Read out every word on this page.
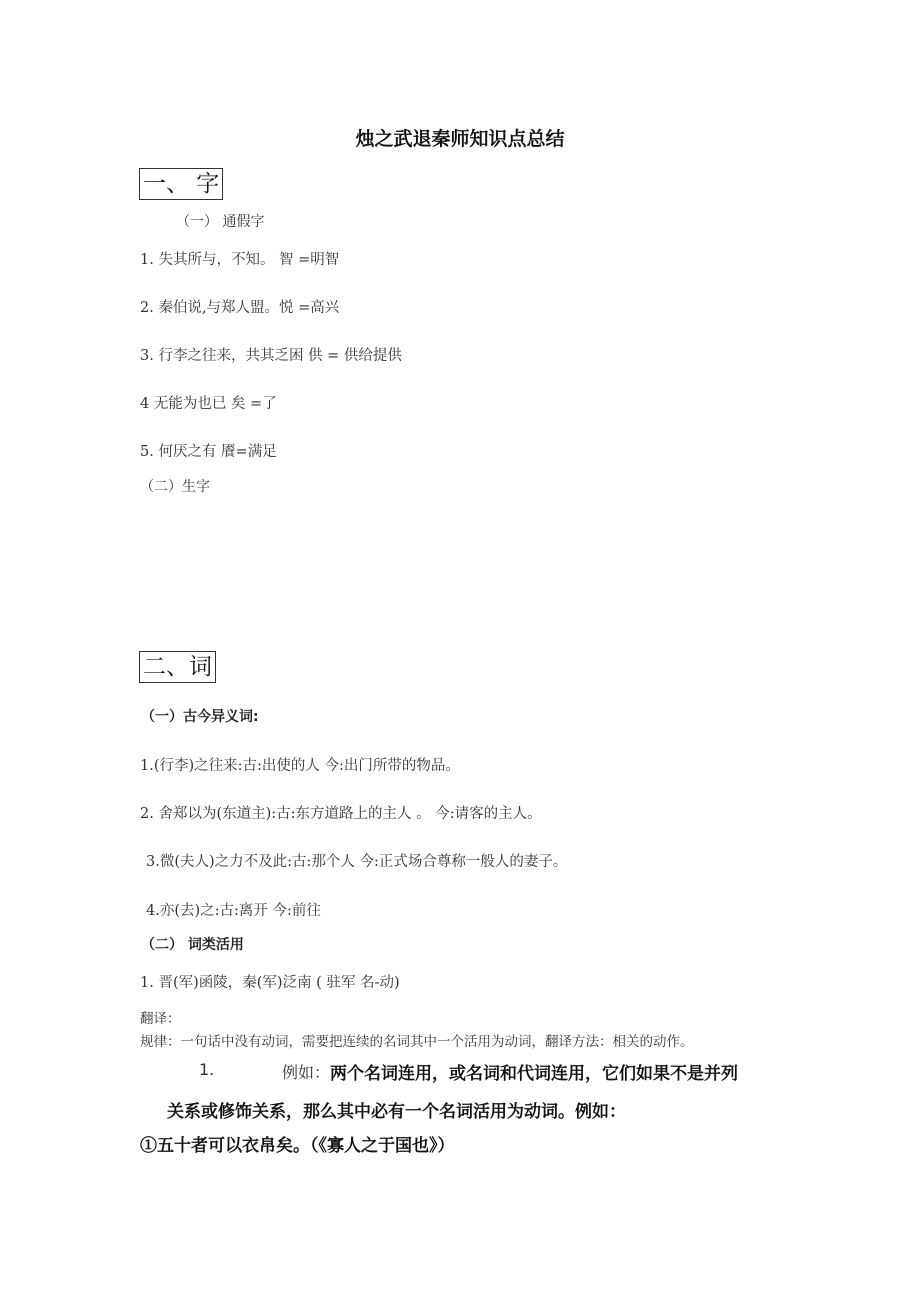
烛之武退秦师知识点总结
一、 字
（一） 通假字
1. 失其所与，不知。 智 =明智
2. 秦伯说,与郑人盟。悦 =高兴
3. 行李之往来，共其乏困 供 = 供给提供
4 无能为也已 矣 =了
5. 何厌之有 餍=满足
（二）生字
二、词
（一）古今异义词:
1.(行李)之往来:古:出使的人 今:出门所带的物品。
2. 舍郑以为(东道主):古:东方道路上的主人 。 今:请客的主人。
3.微(夫人)之力不及此:古:那个人 今:正式场合尊称一般人的妻子。
4.亦(去)之:古:离开 今:前往
（二） 词类活用
1. 晋(军)函陵，秦(军)泛南 ( 驻军 名-动)
翻译：
规律：一句话中没有动词，需要把连续的名词其中一个活用为动词，翻译方法：相关的动作。
1.	例如： 两个名词连用，或名词和代词连用，它们如果不是并列
关系或修饰关系，那么其中必有一个名词活用为动词。例如：
①五十者可以衣帛矣。（《寡人之于国也》）
